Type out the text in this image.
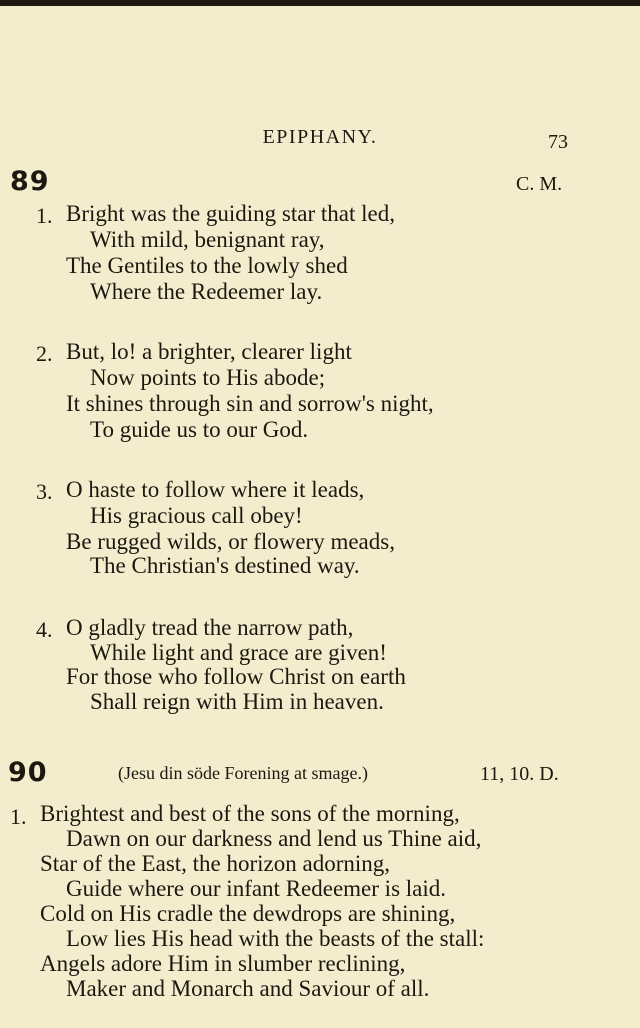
EPIPHANY.	73
89	C. M.
1. Bright was the guiding star that led,
With mild, benignant ray,
The Gentiles to the lowly shed
Where the Redeemer lay.
2. But, lo! a brighter, clearer light
Now points to His abode;
It shines through sin and sorrow's night,
To guide us to our God.
3. O haste to follow where it leads,
His gracious call obey!
Be rugged wilds, or flowery meads,
The Christian's destined way.
4. O gladly tread the narrow path,
While light and grace are given!
For those who follow Christ on earth
Shall reign with Him in heaven.
90	(Jesu din söde Forening at smage.)	11, 10. D.
1. Brightest and best of the sons of the morning,
Dawn on our darkness and lend us Thine aid,
Star of the East, the horizon adorning,
Guide where our infant Redeemer is laid.
Cold on His cradle the dewdrops are shining,
Low lies His head with the beasts of the stall:
Angels adore Him in slumber reclining,
Maker and Monarch and Saviour of all.
